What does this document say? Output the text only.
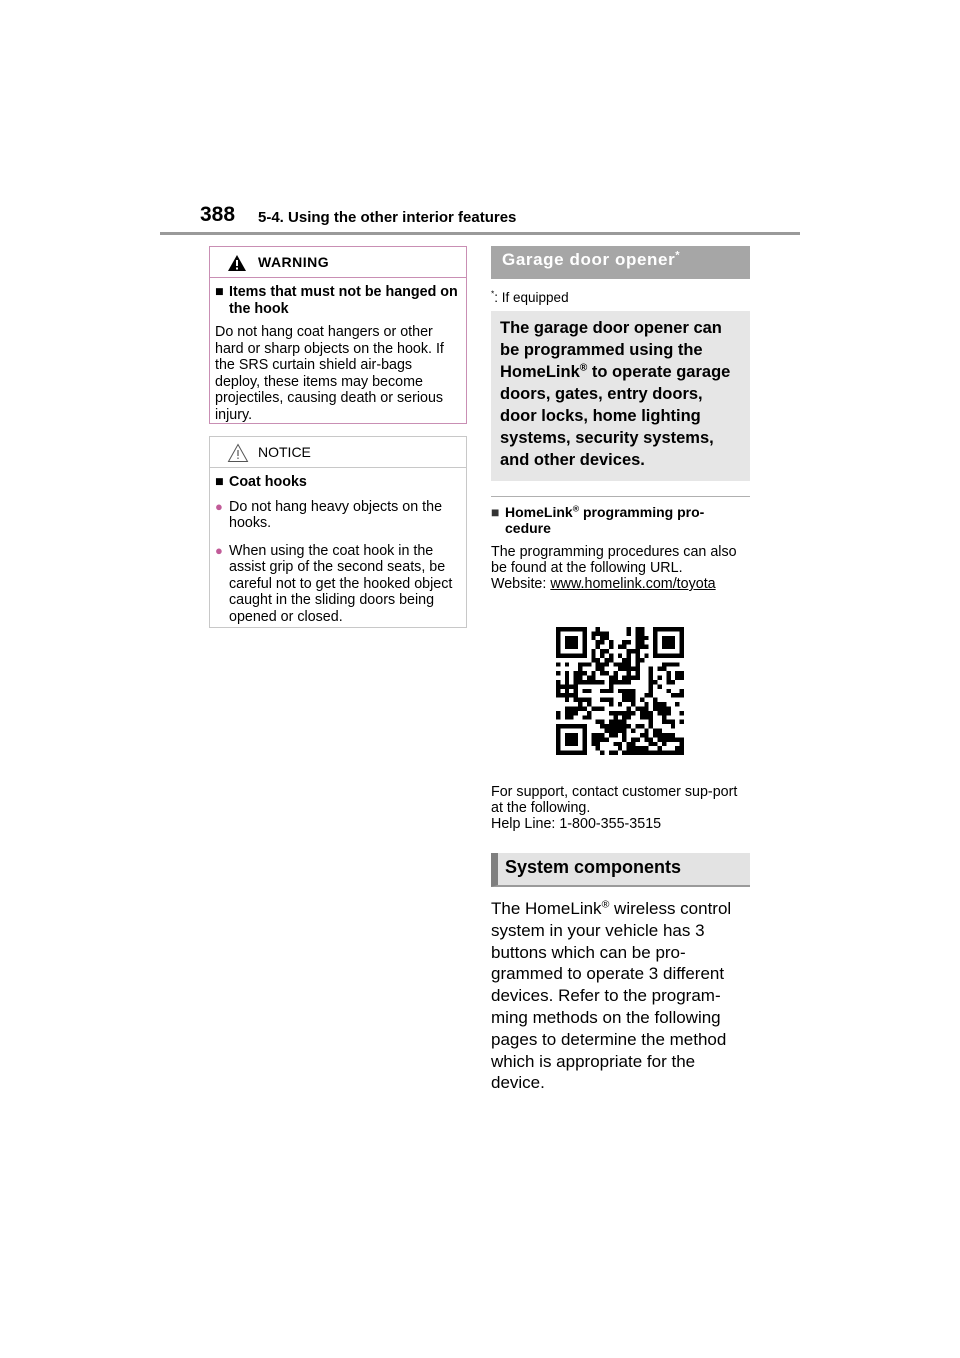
388 5-4. Using the other interior features
WARNING
■ Items that must not be hanged on the hook
Do not hang coat hangers or other hard or sharp objects on the hook. If the SRS curtain shield air-bags deploy, these items may become projectiles, causing death or serious injury.
NOTICE
■ Coat hooks
● Do not hang heavy objects on the hooks.
● When using the coat hook in the assist grip of the second seats, be careful not to get the hooked object caught in the sliding doors being opened or closed.
Garage door opener*
*: If equipped
The garage door opener can be programmed using the HomeLink® to operate garage doors, gates, entry doors, door locks, home lighting systems, security systems, and other devices.
■ HomeLink® programming pro-cedure
The programming procedures can also be found at the following URL.
Website: www.homelink.com/toyota
For support, contact customer sup-port at the following.
Help Line: 1-800-355-3515
System components
The HomeLink® wireless control system in your vehicle has 3 buttons which can be pro-grammed to operate 3 different devices. Refer to the program-ming methods on the following pages to determine the method which is appropriate for the device.
